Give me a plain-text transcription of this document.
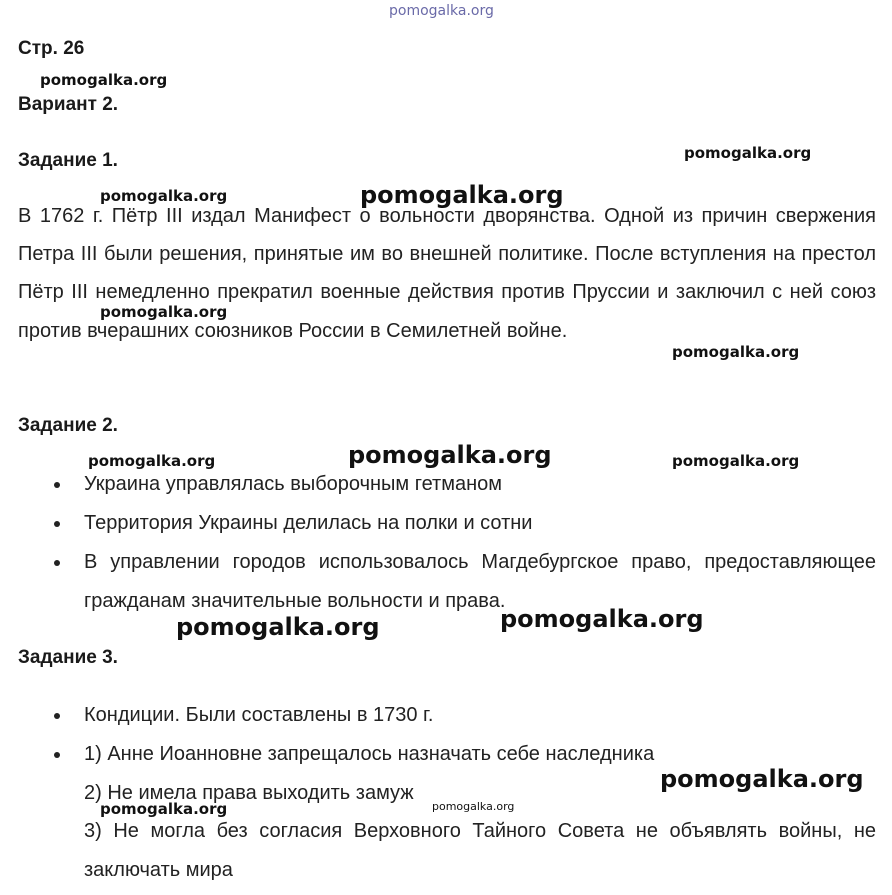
pomogalka.org
Стр. 26
Вариант 2.
Задание 1.
В 1762 г. Пётр III издал Манифест о вольности дворянства. Одной из причин свержения Петра III были решения, принятые им во внешней политике. После вступления на престол Пётр III немедленно прекратил военные действия против Пруссии и заключил с ней союз против вчерашних союзников России в Семилетней войне.
Задание 2.
Украина управлялась выборочным гетманом
Территория Украины делилась на полки и сотни
В управлении городов использовалось Магдебургское право, предоставляющее гражданам значительные вольности и права.
Задание 3.
Кондиции. Были составлены в 1730 г.
1) Анне Иоанновне запрещалось назначать себе наследника
2) Не имела права выходить замуж
3) Не могла без согласия Верховного Тайного Совета не объявлять войны, не заключать мира
pomogalka.org
pomogalka.org
pomogalka.org	pomogalka.org
pomogalka.org
pomogalka.org
pomogalka.org	pomogalka.org	pomogalka.org
pomogalka.org	pomogalka.org
pomogalka.org
pomogalka.org	pomogalka.org
